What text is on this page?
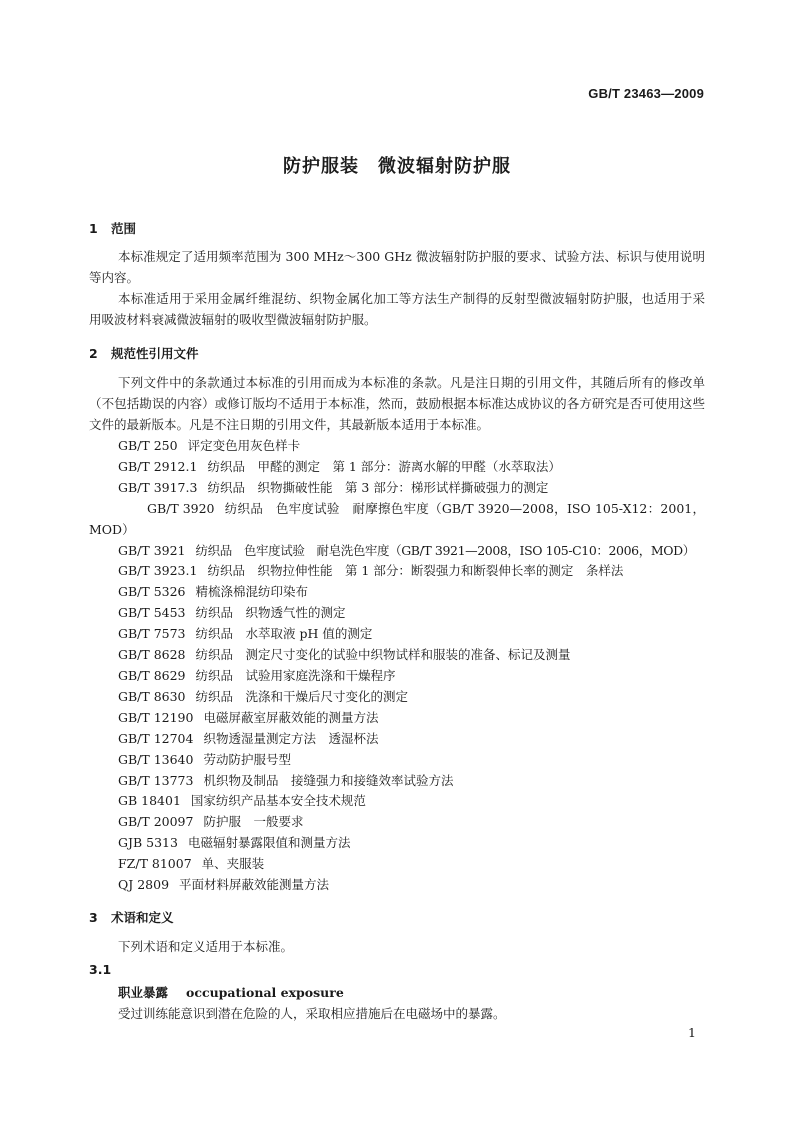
GB/T 23463—2009
防护服装　微波辐射防护服
1 范围
本标准规定了适用频率范围为 300 MHz～300 GHz 微波辐射防护服的要求、试验方法、标识与使用说明等内容。
本标准适用于采用金属纤维混纺、织物金属化加工等方法生产制得的反射型微波辐射防护服，也适用于采用吸波材料衰减微波辐射的吸收型微波辐射防护服。
2 规范性引用文件
下列文件中的条款通过本标准的引用而成为本标准的条款。凡是注日期的引用文件，其随后所有的修改单（不包括勘误的内容）或修订版均不适用于本标准，然而，鼓励根据本标准达成协议的各方研究是否可使用这些文件的最新版本。凡是不注日期的引用文件，其最新版本适用于本标准。
GB/T 250 评定变色用灰色样卡
GB/T 2912.1 纺织品　甲醛的测定　第 1 部分：游离水解的甲醛（水萃取法）
GB/T 3917.3 纺织品　织物撕破性能　第 3 部分：梯形试样撕破强力的测定
GB/T 3920 纺织品　色牢度试验　耐摩擦色牢度（GB/T 3920—2008，ISO 105-X12：2001，MOD）
GB/T 3921 纺织品　色牢度试验　耐皂洗色牢度（GB/T 3921—2008，ISO 105-C10：2006，MOD）
GB/T 3923.1 纺织品　织物拉伸性能　第 1 部分：断裂强力和断裂伸长率的测定　条样法
GB/T 5326 精梳涤棉混纺印染布
GB/T 5453 纺织品　织物透气性的测定
GB/T 7573 纺织品　水萃取液 pH 值的测定
GB/T 8628 纺织品　测定尺寸变化的试验中织物试样和服装的准备、标记及测量
GB/T 8629 纺织品　试验用家庭洗涤和干燥程序
GB/T 8630 纺织品　洗涤和干燥后尺寸变化的测定
GB/T 12190 电磁屏蔽室屏蔽效能的测量方法
GB/T 12704 织物透湿量测定方法　透湿杯法
GB/T 13640 劳动防护服号型
GB/T 13773 机织物及制品　接缝强力和接缝效率试验方法
GB 18401 国家纺织产品基本安全技术规范
GB/T 20097 防护服　一般要求
GJB 5313 电磁辐射暴露限值和测量方法
FZ/T 81007 单、夹服装
QJ 2809 平面材料屏蔽效能测量方法
3 术语和定义
下列术语和定义适用于本标准。
3.1
职业暴露 occupational exposure
受过训练能意识到潜在危险的人，采取相应措施后在电磁场中的暴露。
1
